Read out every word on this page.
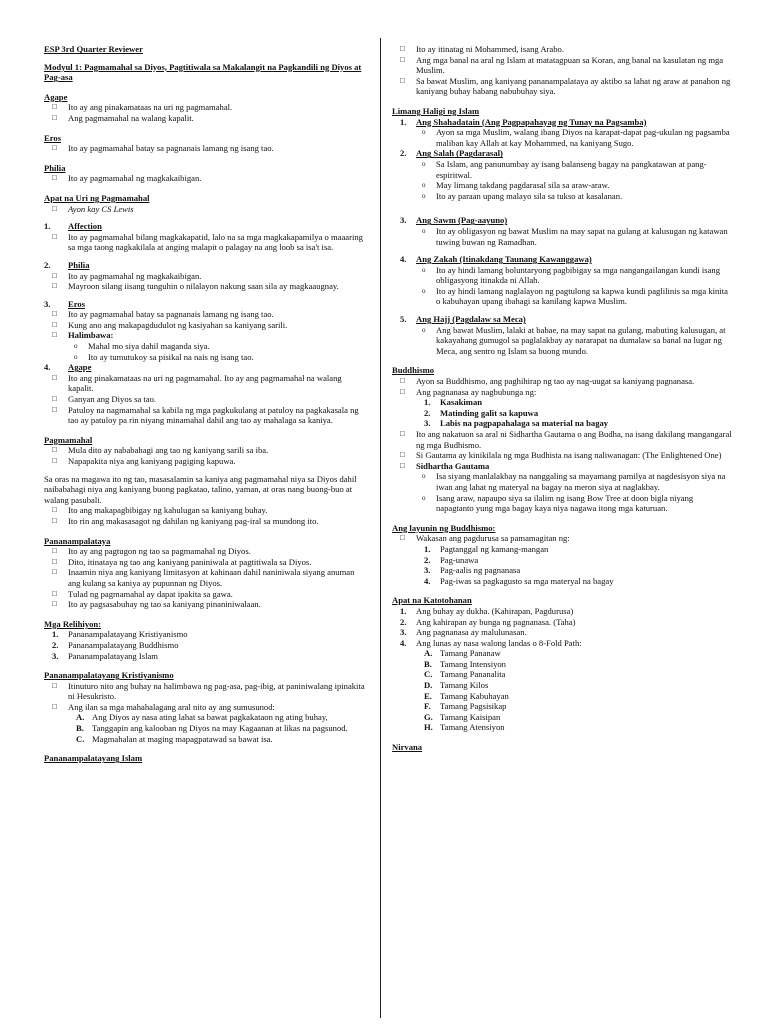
ESP 3rd Quarter Reviewer
Modyul 1: Pagmamahal sa Diyos, Pagtitiwala sa Makalangit na Pagkandili ng Diyos at Pag-asa
Agape
□ Ito ay ang pinakamataas na uri ng pagmamahal.
□ Ang pagmamahal na walang kapalit.
Eros
□ Ito ay pagmamahal batay sa pagnanais lamang ng isang tao.
Philia
□ Ito ay pagmamahal ng magkakaibigan.
Apat na Uri ng Pagmamahal
□ Ayon kay CS Lewis
1. Affection
□ Ito ay pagmamahal bilang magkakapatid, lalo na sa mga magkakapamilya o maaaring sa mga taong nagkakilala at anging malapit o palagay na ang loob sa isa't isa.
2. Philia
□ Ito ay pagmamahal ng magkakaibigan.
□ Mayroon silang iisang tunguhin o nilalayon nakung saan sila ay magkaaugnay.
3. Eros
□ Ito ay pagmamahal batay sa pagnanais lamang ng isang tao.
□ Kung ano ang makapagdudulot ng kasiyahan sa kaniyang sarili.
□ Halimbawa:
o Mahal mo siya dahil maganda siya.
o Ito ay tumutukoy sa pisikal na nais ng isang tao.
4. Agape
□ Ito ang pinakamataas na uri ng pagmamahal. Ito ay ang pagmamahal na walang kapalit.
□ Ganyan ang Diyos sa tao.
□ Patuloy na nagmamahal sa kabila ng mga pagkukulang at patuloy na pagkakasala ng tao ay patuloy pa rin niyang minamahal dahil ang tao ay mahalaga sa kaniya.
Pagmamahal
□ Mula dito ay nababahagi ang tao ng kaniyang sarili sa iba.
□ Napapakita niya ang kaniyang pagiging kapuwa.
Sa oras na magawa ito ng tao, masasalamin sa kaniya ang pagmamahal niya sa Diyos dahil naibabahagi niya ang kaniyang buong pagkatao, talino, yaman, at oras nang buong-buo at walang pasubali.
□ Ito ang makapagbibigay ng kahulugan sa kaniyang buhay.
□ Ito rin ang makasasagot ng dahilan ng kaniyang pag-iral sa mundong ito.
Pananampalataya
□ Ito ay ang pagtugon ng tao sa pagmamahal ng Diyos.
□ Dito, itinataya ng tao ang kaniyang paniniwala at pagtitiwala sa Diyos.
□ Inaamin niya ang kaniyang limitasyon at kahinaan dahil naniniwala siyang anuman ang kulang sa kaniya ay pupunnan ng Diyos.
□ Tulad ng pagmamahal ay dapat ipakita sa gawa.
□ Ito ay pagsasabuhay ng tao sa kaniyang pinaniniwalaan.
Mga Relihiyon:
1. Pananampalatayang Kristiyanismo
2. Pananampalatayang Buddhismo
3. Pananampalatayang Islam
Pananampalatayang Kristiyanismo
□ Itinuturo nito ang buhay na halimbawa ng pag-asa, pag-ibig, at paniniwalang ipinakita ni Hesukristo.
□ Ang ilan sa mga mahahalagang aral nito ay ang sumusunod:
A. Ang Diyos ay nasa ating lahat sa bawat pagkakataon ng ating buhay,
B. Tanggapin ang kalooban ng Diyos na may Kagaanan at likas na pagsunod.
C. Magmahalan at maging mapagpatawad sa bawat isa.
Pananampalatayang Islam
□ Ito ay itinatag ni Mohammed, isang Arabo.
□ Ang mga banal na aral ng Islam at matatagpuan sa Koran, ang banal na kasulatan ng mga Muslim.
□ Sa bawat Muslim, ang kaniyang pananampalataya ay aktibo sa lahat ng araw at panahon ng kaniyang buhay habang nabubuhay siya.
Limang Haligi ng Islam
1. Ang Shahadatain (Ang Pagpapahayag ng Tunay na Pagsamba)
o Ayon sa mga Muslim, walang ibang Diyos na karapat-dapat pag-ukulan ng pagsamba maliban kay Allah at kay Mohammed, na kaniyang Sugo.
2. Ang Salah (Pagdarasal)
o Sa Islam, ang panunumbay ay isang balanseng bagay na pangkatawan at pang-espiritwal.
o May limang takdang pagdarasal sila sa araw-araw.
o Ito ay paraan upang malayo sila sa tukso at kasalanan.
3. Ang Sawm (Pag-aayuno)
o Ito ay obligasyon ng bawat Muslim na may sapat na gulang at kalusugan ng katawan tuwing buwan ng Ramadhan.
4. Ang Zakah (Itinakdang Taunang Kawanggawa)
o Ito ay hindi lamang boluntaryong pagbibigay sa mga nangangailangan kundi isang obligasyong itinakda ni Allah.
o Ito ay hindi lamang naglalayon ng pagtulong sa kapwa kundi paglilinis sa mga kinita o kabuhayan upang ibahagi sa kanilang kapwa Muslim.
5. Ang Hajj (Pagdalaw sa Meca)
o Ang bawat Muslim, lalaki at babae, na may sapat na gulang, mabuting kalusugan, at kakayahang gumugol sa paglalakbay ay nararapat na dumalaw sa banal na lugar ng Meca, ang sentro ng Islam sa buong mundo.
Buddhismo
□ Ayon sa Buddhismo, ang paghihirap ng tao ay nag-uugat sa kaniyang pagnanasa.
□ Ang pagnanasa ay nagbubunga ng:
1. Kasakiman
2. Matinding galit sa kapuwa
3. Labis na pagpapahalaga sa material na bagay
□ Ito ang nakatuon sa aral ni Sidhartha Gautama o ang Budha, na isang dakilang mangangaral ng mga Budhismo.
□ Si Gautama ay kinikilala ng mga Budhista na isang naliwanagan: (The Enlightened One)
□ Sidhartha Gautama
o Isa siyang manlalakbay na nanggaling sa mayamang pamilya at nagdesisyon siya na iwan ang lahat ng materyal na bagay na meron siya at naglakbay.
o Isang araw, napaupo siya sa ilalim ng isang Bow Tree at doon bigla niyang napagtanto yung mga bagay kaya niya nagawa itong mga katuruan.
Ang layunin ng Buddhismo:
□ Wakasan ang pagdurusa sa pamamagitan ng:
1. Pagtanggal ng kamang-mangan
2. Pag-unawa
3. Pag-aalis ng pagnanasa
4. Pag-iwas sa pagkagusto sa mga materyal na bagay
Apat na Katotohanan
1. Ang buhay ay dukha. (Kahirapan, Pagdurusa)
2. Ang kahirapan ay bunga ng pagnanasa. (Taha)
3. Ang pagnanasa ay malulunasan.
4. Ang lunas ay nasa walong landas o 8-Fold Path:
A. Tamang Pananaw
B. Tamang Intensiyon
C. Tamang Pananalita
D. Tamang Kilos
E. Tamang Kabuhayan
F. Tamang Pagsisikap
G. Tamang Kaisipan
H. Tamang Atensiyon
Nirvana
